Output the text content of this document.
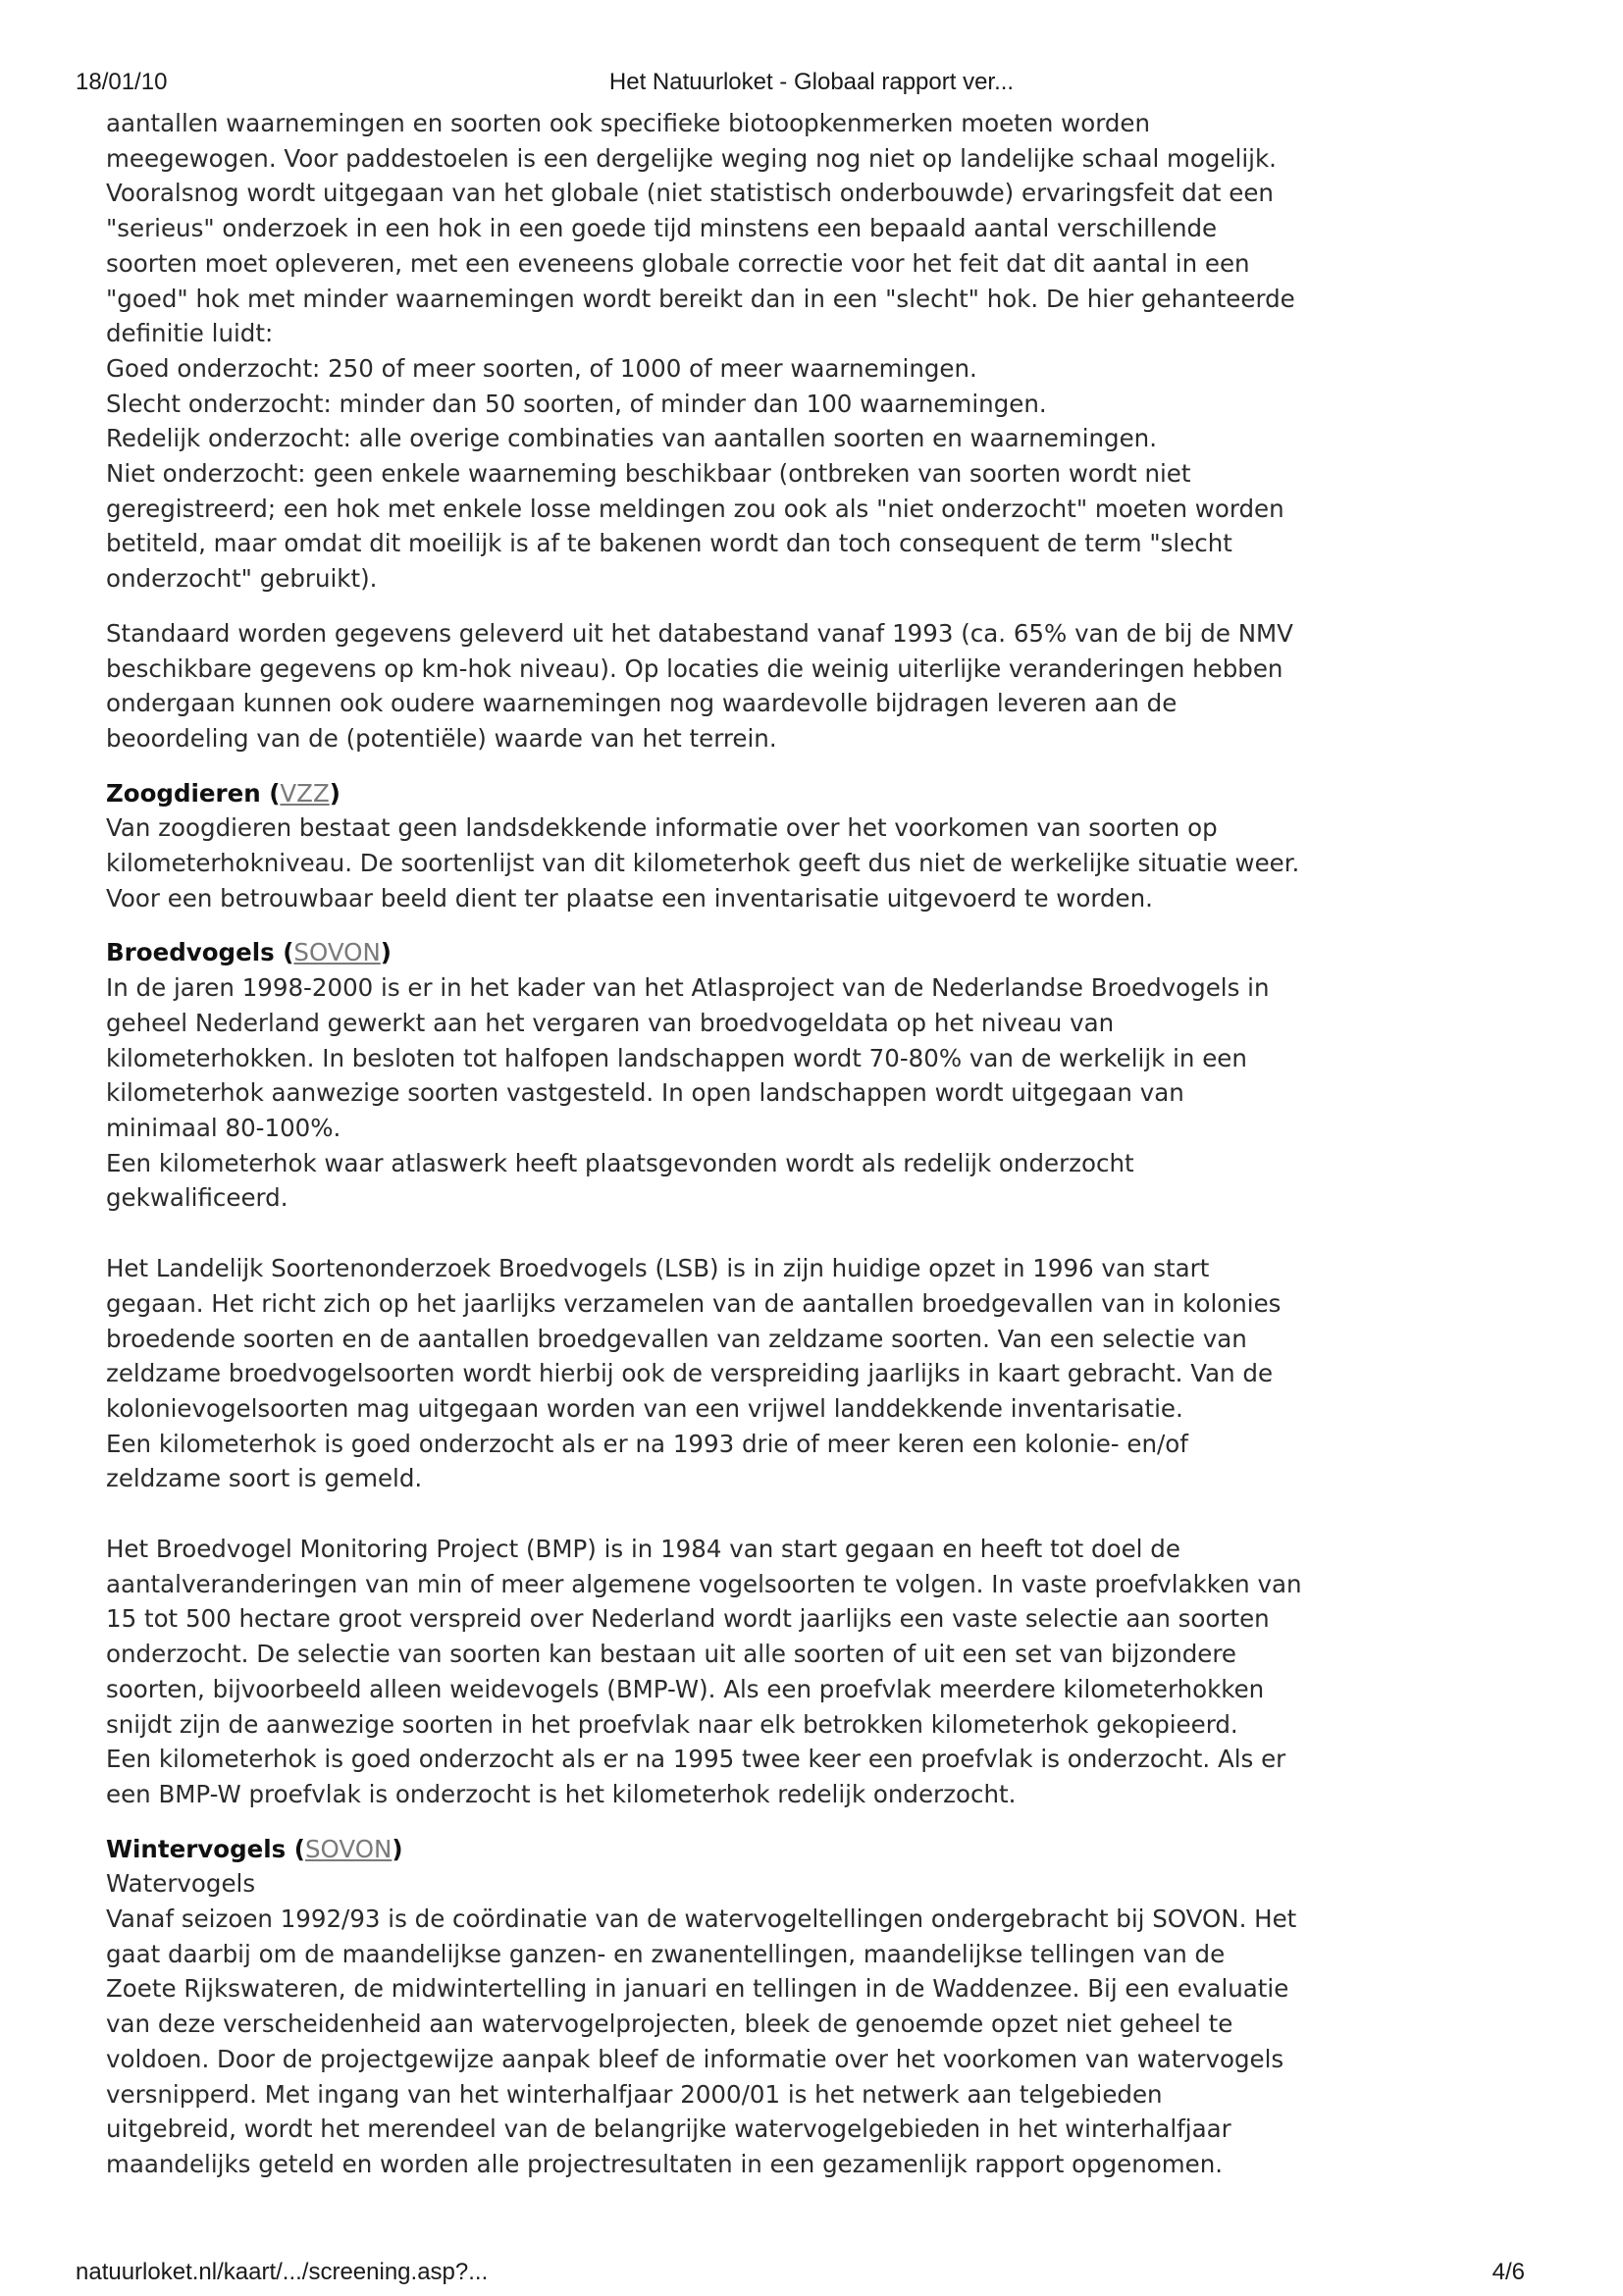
18/01/10	Het Natuurloket - Globaal rapport ver...

aantallen waarnemingen en soorten ook specifieke biotoopkenmerken moeten worden

meegewogen. Voor paddestoelen is een dergelijke weging nog niet op landelijke schaal mogelijk.

Vooralsnog wordt uitgegaan van het globale (niet statistisch onderbouwde) ervaringsfeit dat een

"serieus" onderzoek in een hok in een goede tijd minstens een bepaald aantal verschillende

soorten moet opleveren, met een eveneens globale correctie voor het feit dat dit aantal in een

"goed" hok met minder waarnemingen wordt bereikt dan in een "slecht" hok. De hier gehanteerde

definitie luidt:

Goed onderzocht: 250 of meer soorten, of 1000 of meer waarnemingen.

Slecht onderzocht: minder dan 50 soorten, of minder dan 100 waarnemingen.

Redelijk onderzocht: alle overige combinaties van aantallen soorten en waarnemingen.

Niet onderzocht: geen enkele waarneming beschikbaar (ontbreken van soorten wordt niet

geregistreerd; een hok met enkele losse meldingen zou ook als "niet onderzocht" moeten worden

betiteld, maar omdat dit moeilijk is af te bakenen wordt dan toch consequent de term "slecht

onderzocht" gebruikt).

Standaard worden gegevens geleverd uit het databestand vanaf 1993 (ca. 65% van de bij de NMV

beschikbare gegevens op km-hok niveau). Op locaties die weinig uiterlijke veranderingen hebben

ondergaan kunnen ook oudere waarnemingen nog waardevolle bijdragen leveren aan de

beoordeling van de (potentiële) waarde van het terrein.

Zoogdieren (VZZ)

Van zoogdieren bestaat geen landsdekkende informatie over het voorkomen van soorten op

kilometerhokniveau. De soortenlijst van dit kilometerhok geeft dus niet de werkelijke situatie weer.

Voor een betrouwbaar beeld dient ter plaatse een inventarisatie uitgevoerd te worden.

Broedvogels (SOVON)

In de jaren 1998-2000 is er in het kader van het Atlasproject van de Nederlandse Broedvogels in

geheel Nederland gewerkt aan het vergaren van broedvogeldata op het niveau van

kilometerhokken. In besloten tot halfopen landschappen wordt 70-80% van de werkelijk in een

kilometerhok aanwezige soorten vastgesteld. In open landschappen wordt uitgegaan van

minimaal 80-100%.

Een kilometerhok waar atlaswerk heeft plaatsgevonden wordt als redelijk onderzocht

gekwalificeerd.

Het Landelijk Soortenonderzoek Broedvogels (LSB) is in zijn huidige opzet in 1996 van start

gegaan. Het richt zich op het jaarlijks verzamelen van de aantallen broedgevallen van in kolonies

broedende soorten en de aantallen broedgevallen van zeldzame soorten. Van een selectie van

zeldzame broedvogelsoorten wordt hierbij ook de verspreiding jaarlijks in kaart gebracht. Van de

kolonievogelsoorten mag uitgegaan worden van een vrijwel landdekkende inventarisatie.

Een kilometerhok is goed onderzocht als er na 1993 drie of meer keren een kolonie- en/of

zeldzame soort is gemeld.

Het Broedvogel Monitoring Project (BMP) is in 1984 van start gegaan en heeft tot doel de

aantalveranderingen van min of meer algemene vogelsoorten te volgen. In vaste proefvlakken van

15 tot 500 hectare groot verspreid over Nederland wordt jaarlijks een vaste selectie aan soorten

onderzocht. De selectie van soorten kan bestaan uit alle soorten of uit een set van bijzondere

soorten, bijvoorbeeld alleen weidevogels (BMP-W). Als een proefvlak meerdere kilometerhokken

snijdt zijn de aanwezige soorten in het proefvlak naar elk betrokken kilometerhok gekopieerd.

Een kilometerhok is goed onderzocht als er na 1995 twee keer een proefvlak is onderzocht. Als er

een BMP-W proefvlak is onderzocht is het kilometerhok redelijk onderzocht.

Wintervogels (SOVON)

Watervogels

Vanaf seizoen 1992/93 is de coördinatie van de watervogeltellingen ondergebracht bij SOVON. Het

gaat daarbij om de maandelijkse ganzen- en zwanentellingen, maandelijkse tellingen van de

Zoete Rijkswateren, de midwintertelling in januari en tellingen in de Waddenzee. Bij een evaluatie

van deze verscheidenheid aan watervogelprojecten, bleek de genoemde opzet niet geheel te

voldoen. Door de projectgewijze aanpak bleef de informatie over het voorkomen van watervogels

versnipperd. Met ingang van het winterhalfjaar 2000/01 is het netwerk aan telgebieden

uitgebreid, wordt het merendeel van de belangrijke watervogelgebieden in het winterhalfjaar

maandelijks geteld en worden alle projectresultaten in een gezamenlijk rapport opgenomen.

natuurloket.nl/kaart/.../screening.asp?...	4/6
